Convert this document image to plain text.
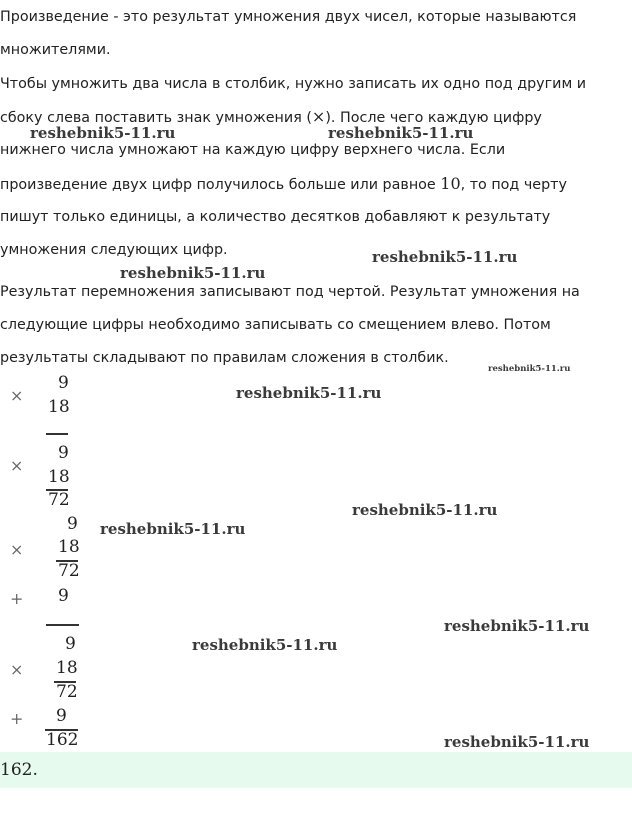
Произведение - это результат умножения двух чисел, которые называются

множителями.

Чтобы умножить два числа в столбик, нужно записать их одно под другим и

сбоку слева поставить знак умножения (×). После чего каждую цифру

нижнего числа умножают на каждую цифру верхнего числа. Если

произведение двух цифр получилось больше или равное 10, то под черту

пишут только единицы, а количество десятков добавляют к результату

умножения следующих цифр.

Результат перемножения записывают под чертой. Результат умножения на

следующие цифры необходимо записывать со смещением влево. Потом

результаты складывают по правилам сложения в столбик.

reshebnik5-11.ru	reshebnik5-11.ru
reshebnik5-11.ru
reshebnik5-11.ru
reshebnik5-11.ru
reshebnik5-11.ru
reshebnik5-11.ru
reshebnik5-11.ru
reshebnik5-11.ru
reshebnik5-11.ru
reshebnik5-11.ru
9
×
18
9
×
18
72
9
× 18
72
+ 9
9
× 18
72
+ 9
162
162.
